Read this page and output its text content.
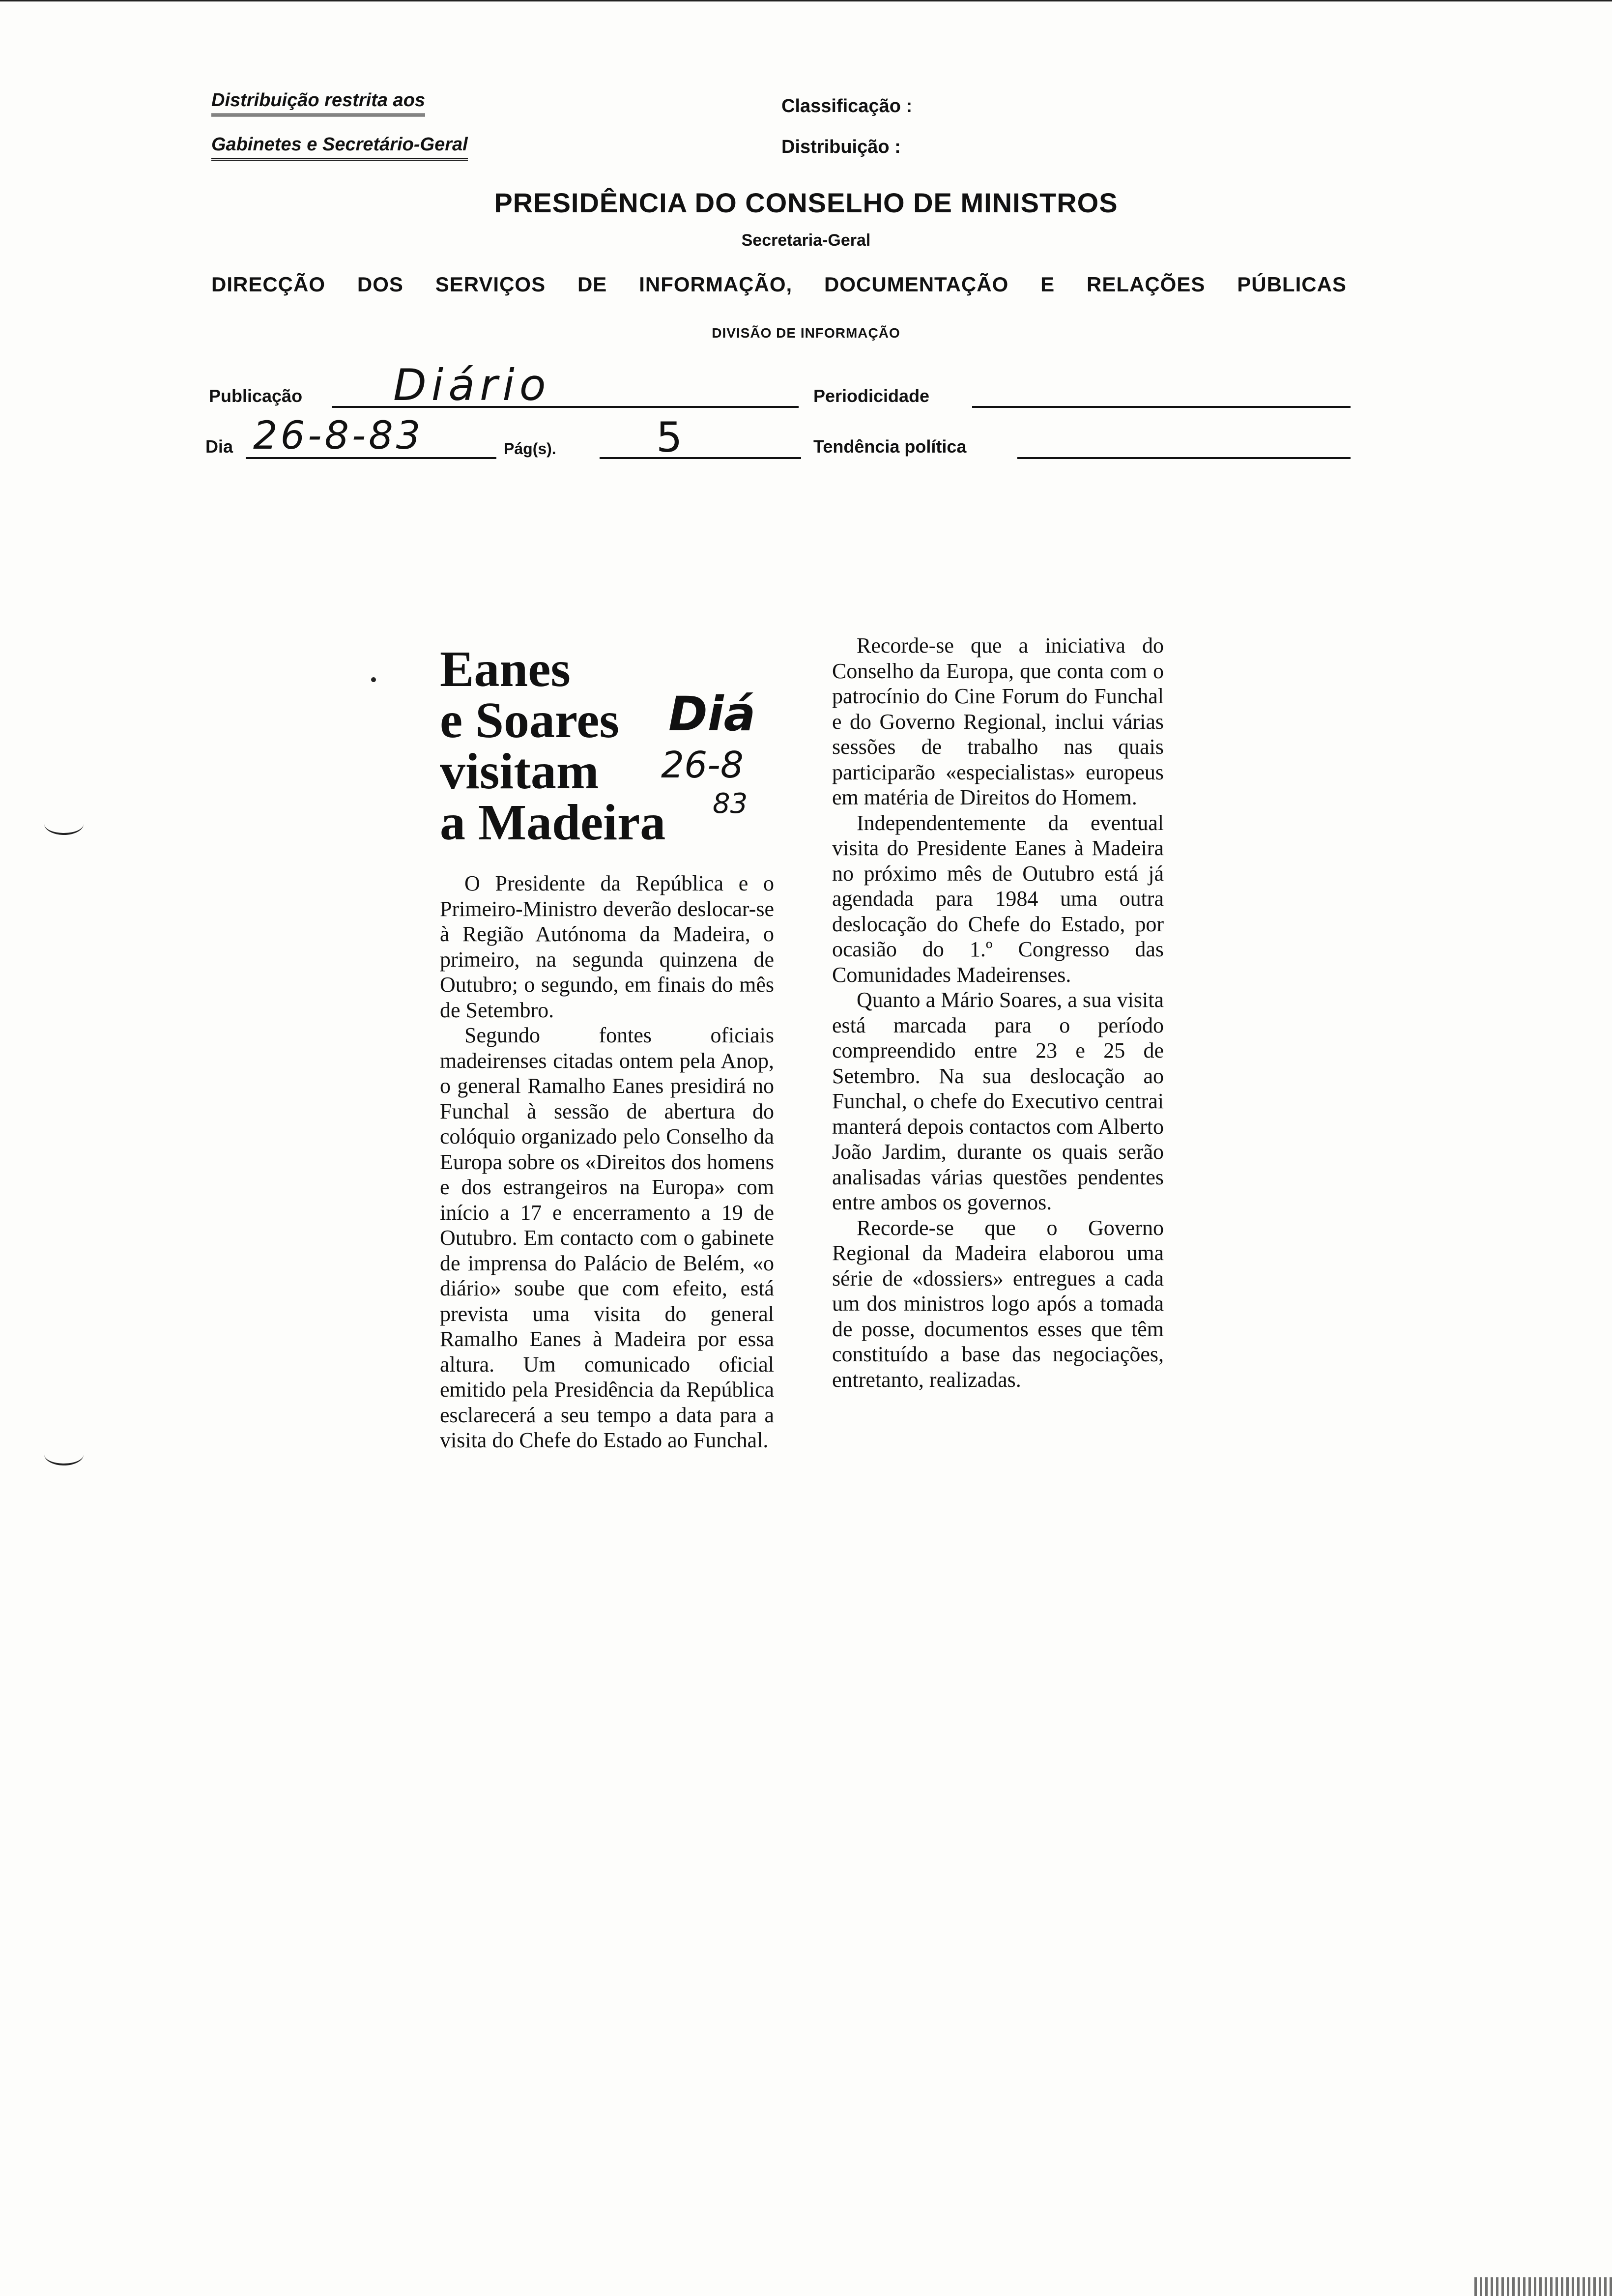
Distribuição restrita aos
Gabinetes e Secretário-Geral
Classificação :
Distribuição :
PRESIDÊNCIA DO CONSELHO DE MINISTROS
Secretaria-Geral
DIRECÇÃO DOS SERVIÇOS DE INFORMAÇÃO, DOCUMENTAÇÃO E RELAÇÕES PÚBLICAS
DIVISÃO DE INFORMAÇÃO
Publicação Diário	Periodicidade
Dia 26-8-83	Pág(s). 5	Tendência política
Eanes
e Soares
visitam
a Madeira
Diá
26-8
83

O Presidente da República e o Primeiro-Ministro deverão deslocar-se à Região Autónoma da Madeira, o primeiro, na segunda quinzena de Outubro; o segundo, em finais do mês de Setembro.

Segundo fontes oficiais madeirenses citadas ontem pela Anop, o general Ramalho Eanes presidirá no Funchal à sessão de abertura do colóquio organizado pelo Conselho da Europa sobre os «Direitos dos homens e dos estrangeiros na Europa» com início a 17 e encerramento a 19 de Outubro. Em contacto com o gabinete de imprensa do Palácio de Belém, «o diário» soube que com efeito, está prevista uma visita do general Ramalho Eanes à Madeira por essa altura. Um comunicado oficial emitido pela Presidência da República esclarecerá a seu tempo a data para a visita do Chefe do Estado ao Funchal.

Recorde-se que a iniciativa do Conselho da Europa, que conta com o patrocínio do Cine Forum do Funchal e do Governo Regional, inclui várias sessões de trabalho nas quais participarão «especialistas» europeus em matéria de Direitos do Homem.

Independentemente da eventual visita do Presidente Eanes à Madeira no próximo mês de Outubro está já agendada para 1984 uma outra deslocação do Chefe do Estado, por ocasião do 1.º Congresso das Comunidades Madeirenses.

Quanto a Mário Soares, a sua visita está marcada para o período compreendido entre 23 e 25 de Setembro. Na sua deslocação ao Funchal, o chefe do Executivo centrai manterá depois contactos com Alberto João Jardim, durante os quais serão analisadas várias questões pendentes entre ambos os governos.

Recorde-se que o Governo Regional da Madeira elaborou uma série de «dossiers» entregues a cada um dos ministros logo após a tomada de posse, documentos esses que têm constituído a base das negociações, entretanto, realizadas.
